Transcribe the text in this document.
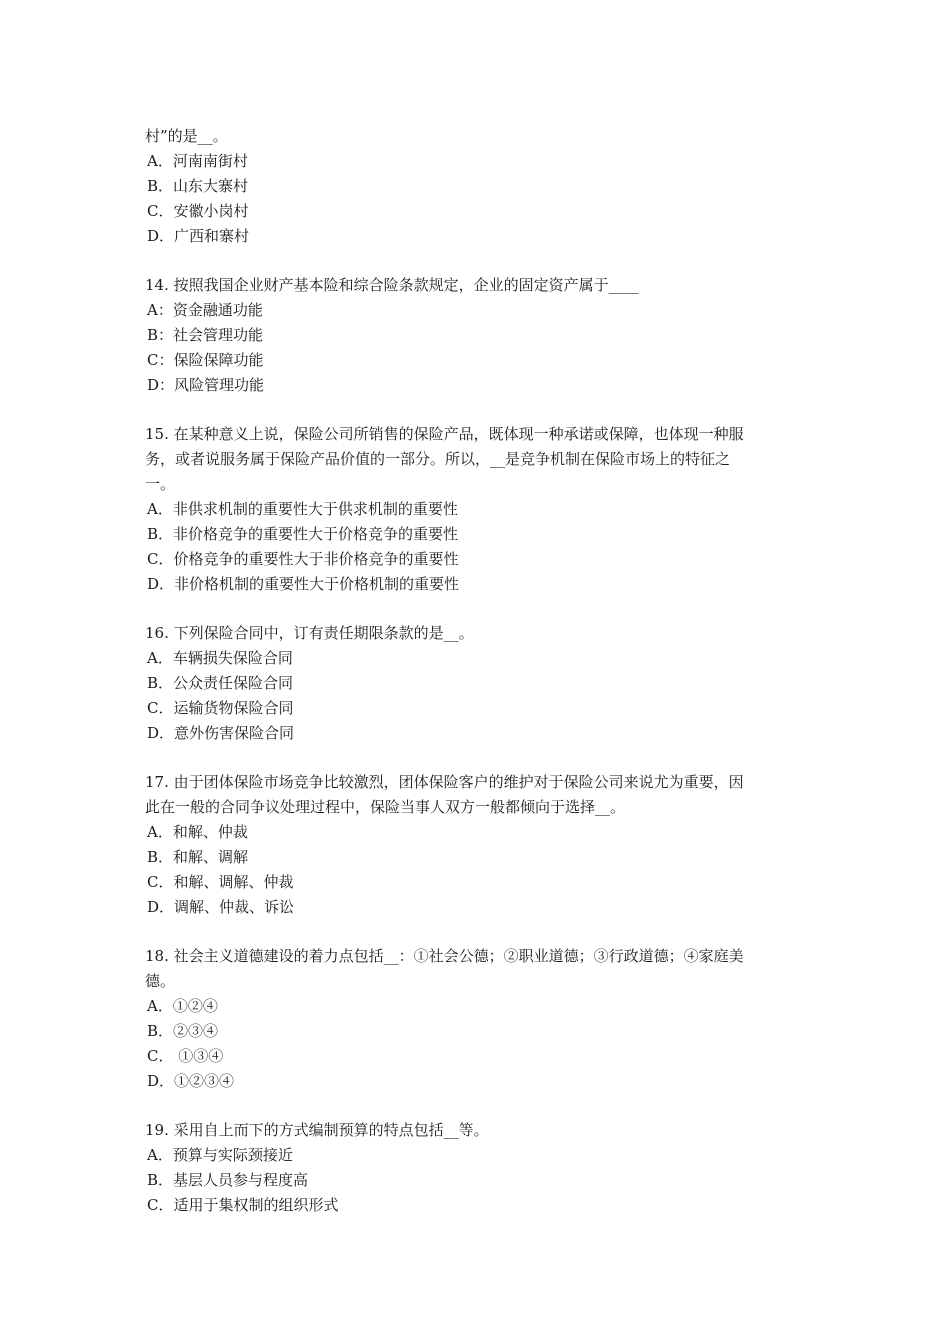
村”的是__。
A．河南南街村
B．山东大寨村
C．安徽小岗村
D．广西和寨村
14. 按照我国企业财产基本险和综合险条款规定，企业的固定资产属于____
A：资金融通功能
B：社会管理功能
C：保险保障功能
D：风险管理功能
15. 在某种意义上说，保险公司所销售的保险产品，既体现一种承诺或保障，也体现一种服
务，或者说服务属于保险产品价值的一部分。所以，__是竞争机制在保险市场上的特征之
一。
A．非供求机制的重要性大于供求机制的重要性
B．非价格竞争的重要性大于价格竞争的重要性
C．价格竞争的重要性大于非价格竞争的重要性
D．非价格机制的重要性大于价格机制的重要性
16. 下列保险合同中，订有责任期限条款的是__。
A．车辆损失保险合同
B．公众责任保险合同
C．运输货物保险合同
D．意外伤害保险合同
17. 由于团体保险市场竞争比较激烈，团体保险客户的维护对于保险公司来说尤为重要，因
此在一般的合同争议处理过程中，保险当事人双方一般都倾向于选择__。
A．和解、仲裁
B．和解、调解
C．和解、调解、仲裁
D．调解、仲裁、诉讼
18. 社会主义道德建设的着力点包括__：①社会公德；②职业道德；③行政道德；④家庭美
德。
A．①②④
B．②③④
C． ①③④
D．①②③④
19. 采用自上而下的方式编制预算的特点包括__等。
A．预算与实际颈接近
B．基层人员参与程度高
C．适用于集权制的组织形式
